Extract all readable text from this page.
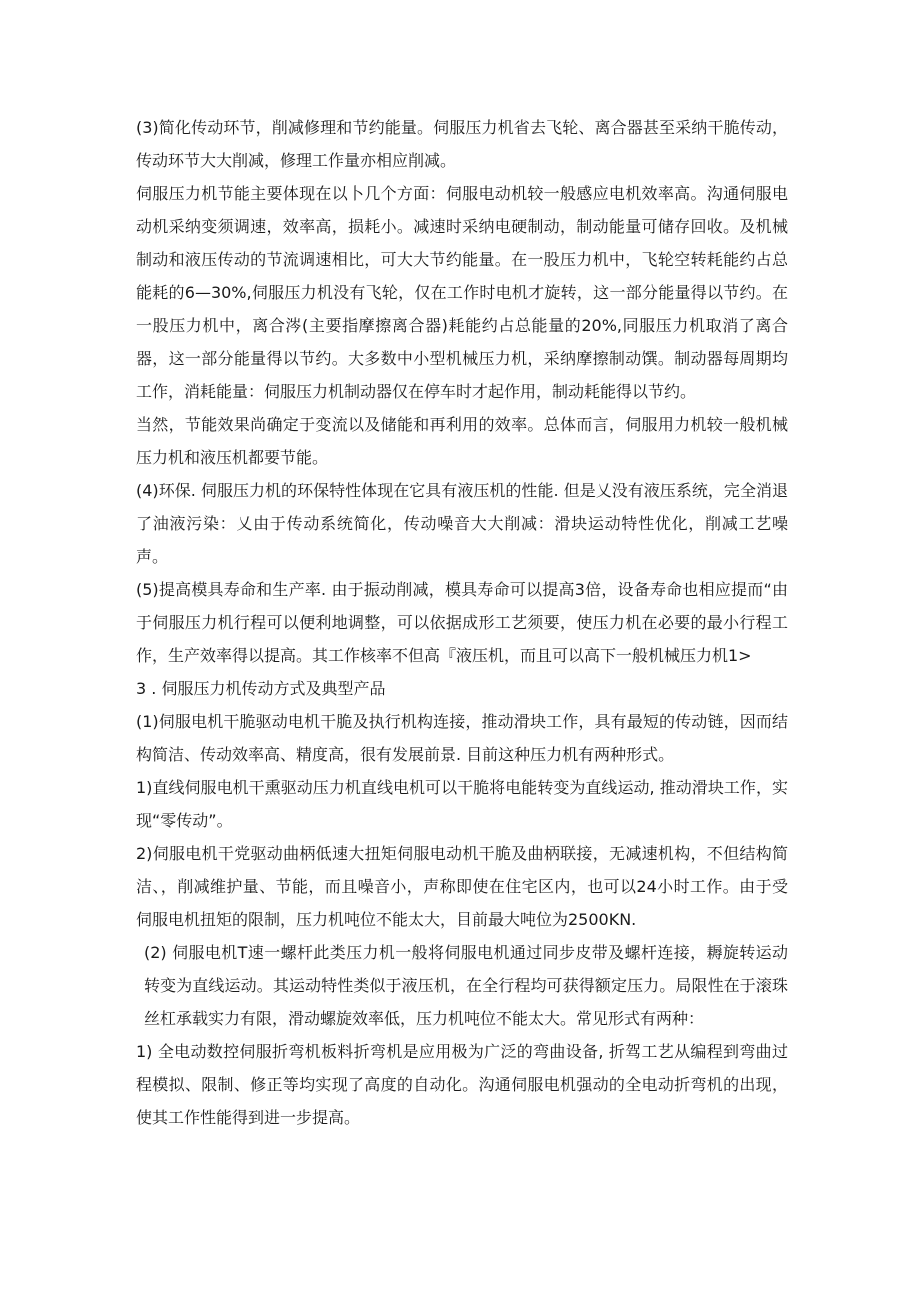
(3)简化传动环节，削减修理和节约能量。伺服压力机省去飞轮、离合器甚至采纳干脆传动，传动环节大大削减，修理工作量亦相应削减。

伺服压力机节能主要体现在以卜几个方面：伺服电动机较一般感应电机效率高。沟通伺服电动机采纳变须调速，效率高，损耗小。减速时采纳电硬制动，制动能量可储存回收。及机械制动和液压传动的节流调速相比，可大大节约能量。在一股压力机中，飞轮空转耗能约占总能耗的6—30%,伺服压力机没有飞轮，仅在工作时电机才旋转，这一部分能量得以节约。在一股压力机中，离合涔(主要指摩擦离合器)耗能约占总能量的20%,同服压力机取消了离合器，这一部分能量得以节约。大多数中小型机械压力机，采纳摩擦制动馔。制动器每周期均工作，消耗能量：伺服压力机制动器仅在停车时才起作用，制动耗能得以节约。

当然，节能效果尚确定于变流以及储能和再利用的效率。总体而言，伺服用力机较一般机械压力机和液压机都要节能。

(4)环保. 伺服压力机的环保特性体现在它具有液压机的性能. 但是乂没有液压系统，完全消退了油液污染：乂由于传动系统简化，传动噪音大大削减：滑块运动特性优化，削减工艺噪声。

(5)提高模具寿命和生产率. 由于振动削减，模具寿命可以提高3倍，设备寿命也相应提而“由于伺服压力机行程可以便利地调整，可以依据成形工艺须要，使压力机在必要的最小行程工作，生产效率得以提高。其工作核率不但高『液压机，而且可以高下一般机械压力机1>

3 . 伺服压力机传动方式及典型产品

(1)伺服电机干脆驱动电机干脆及执行机构连接，推动滑块工作，具有最短的传动链，因而结构简洁、传动效率高、精度高，很有发展前景. 目前这种压力机有两种形式。

1)直线伺服电机干熏驱动压力机直线电机可以干脆将电能转变为直线运动, 推动滑块工作，实现“零传动”。

2)伺服电机干党驱动曲柄低速大扭矩伺服电动机干脆及曲柄联接，无减速机构，不但结构简洁、，削减维护量、节能，而且噪音小，声称即使在住宅区内，也可以24小时工作。由于受伺服电机扭矩的限制，压力机吨位不能太大，目前最大吨位为2500KN.

(2) 伺服电机T速一螺杆此类压力机一般将伺服电机通过同步皮带及螺杆连接，耨旋转运动转变为直线运动。其运动特性类似于液压机，在全行程均可获得额定压力。局限性在于滚珠丝杠承载实力有限，滑动螺旋效率低，压力机吨位不能太大。常见形式有两种：

1) 全电动数控伺服折弯机板料折弯机是应用极为广泛的弯曲设备, 折驾工艺从编程到弯曲过程模拟、限制、修正等均实现了高度的自动化。沟通伺服电机强动的全电动折弯机的出现，使其工作性能得到进一步提高。
